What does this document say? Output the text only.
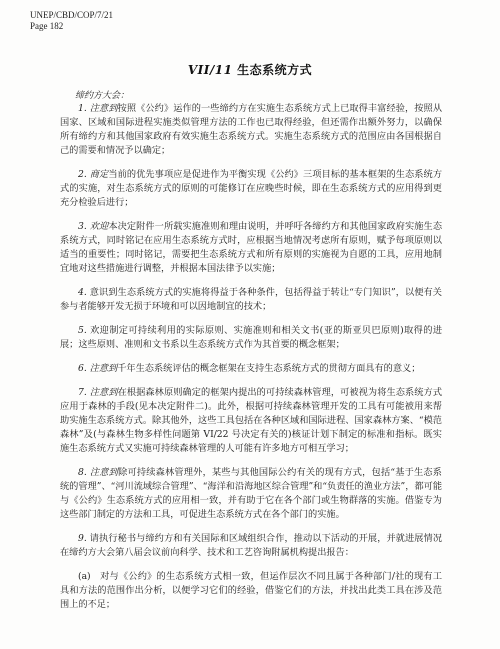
UNEP/CBD/COP/7/21
Page 182
VII/11 生态系统方式
缔约方大会：

1. 注意到按照《公约》运作的一些缔约方在实施生态系统方式上已取得丰富经验，按照从国家、区域和国际进程实施类似管理方法的工作也已取得经验，但还需作出额外努力，以确保所有缔约方和其他国家政府有效实施生态系统方式。实施生态系统方式的范围应由各国根据自己的需要和情况予以确定；

2. 商定当前的优先事项应是促进作为平衡实现《公约》三项目标的基本框架的生态系统方式的实施，对生态系统方式的原则的可能修订在应晚些时候，即在生态系统方式的应用得到更充分检验后进行；

3. 欢迎本决定附件一所载实施准则和理由说明，并呼吁各缔约方和其他国家政府实施生态系统方式，同时铭记在应用生态系统方式时，应根据当地情况考虑所有原则，赋予每项原则以适当的重要性；同时铭记，需要把生态系统方式和所有原则的实施视为自愿的工具，应用地制宜地对这些措施进行调整，并根据本国法律予以实施；

4. 意识到生态系统方式的实施将得益于各种条件，包括得益于转让“专门知识”，以便有关参与者能够开发无损于环境和可以因地制宜的技术；

5. 欢迎制定可持续利用的实际原则、实施准则和相关文书(亚的斯亚贝巴原则)取得的进展；这些原则、准则和文书系以生态系统方式作为其首要的概念框架；

6. 注意到千年生态系统评估的概念框架在支持生态系统方式的贯彻方面具有的意义；

7. 注意到在根据森林原则确定的框架内提出的可持续森林管理，可被视为将生态系统方式应用于森林的手段(见本决定附件二)。此外，根据可持续森林管理开发的工具有可能被用来帮助实施生态系统方式。除其他外，这些工具包括在各种区域和国际进程、国家森林方案、“模范森林”及(与森林生物多样性问题第 VI/22 号决定有关的)核证计划下制定的标准和指标。既实施生态系统方式又实施可持续森林管理的人可能有许多地方可相互学习；

8. 注意到除可持续森林管理外，某些与其他国际公约有关的现有方式，包括“基于生态系统的管理”、“河川流域综合管理”、“海洋和沿海地区综合管理”和“负责任的渔业方法”，都可能与《公约》生态系统方式的应用相一致，并有助于它在各个部门或生物群落的实施。借鉴专为这些部门制定的方法和工具，可促进生态系统方式在各个部门的实施。

9. 请执行秘书与缔约方和有关国际和区域组织合作，推动以下活动的开展，并就进展情况在缔约方大会第八届会议前向科学、技术和工艺咨询附属机构提出报告：

(a)  对与《公约》的生态系统方式相一致，但运作层次不同且属于各种部门/社的现有工具和方法的范围作出分析，以便学习它们的经验，借鉴它们的方法，并找出此类工具在涉及范围上的不足；
